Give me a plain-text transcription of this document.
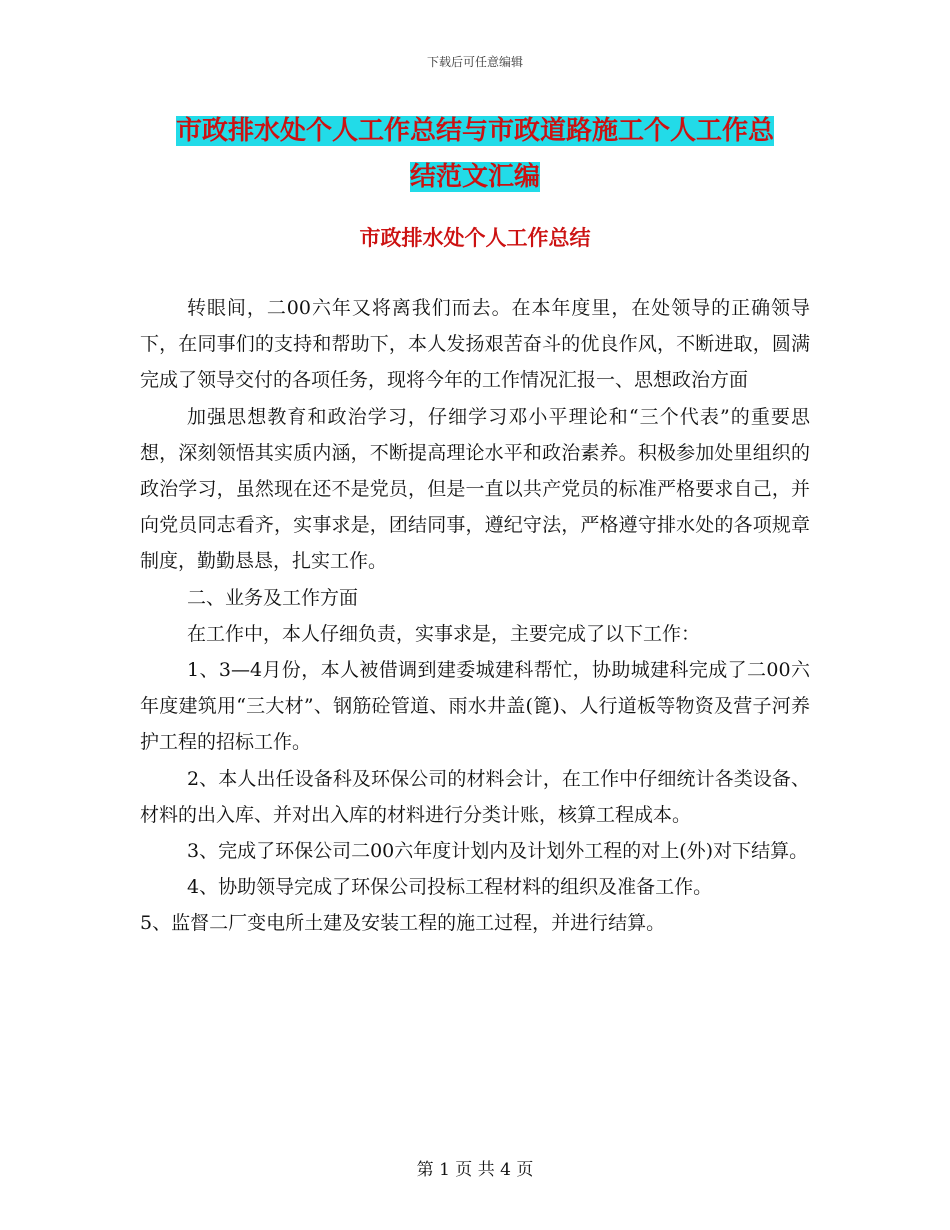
下载后可任意编辑
市政排水处个人工作总结与市政道路施工个人工作总
结范文汇编
市政排水处个人工作总结

转眼间，二00六年又将离我们而去。在本年度里，在处领导的正确领导下，在同事们的支持和帮助下，本人发扬艰苦奋斗的优良作风，不断进取，圆满完成了领导交付的各项任务，现将今年的工作情况汇报一、思想政治方面

加强思想教育和政治学习，仔细学习邓小平理论和“三个代表”的重要思想，深刻领悟其实质内涵，不断提高理论水平和政治素养。积极参加处里组织的政治学习，虽然现在还不是党员，但是一直以共产党员的标准严格要求自己，并向党员同志看齐，实事求是，团结同事，遵纪守法，严格遵守排水处的各项规章制度，勤勤恳恳，扎实工作。

二、业务及工作方面

在工作中，本人仔细负责，实事求是，主要完成了以下工作：

1、3—4月份，本人被借调到建委城建科帮忙，协助城建科完成了二00六年度建筑用“三大材”、钢筋砼管道、雨水井盖(篦)、人行道板等物资及营子河养护工程的招标工作。

2、本人出任设备科及环保公司的材料会计，在工作中仔细统计各类设备、材料的出入库、并对出入库的材料进行分类计账，核算工程成本。

3、完成了环保公司二00六年度计划内及计划外工程的对上(外)对下结算。

4、协助领导完成了环保公司投标工程材料的组织及准备工作。

5、监督二厂变电所土建及安装工程的施工过程，并进行结算。

第 1 页 共 4 页
